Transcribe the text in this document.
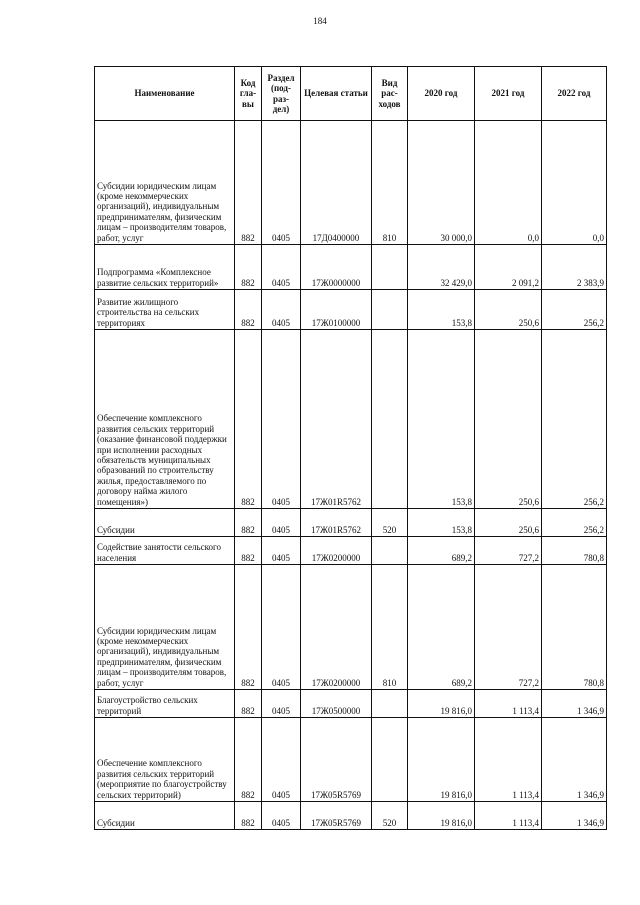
184
Наименование	Код гла- вы	Раздел (под- раз- дел)	Целевая статьи	Вид рас- ходов	2020 год	2021 год	2022 год
Субсидии юридическим лицам (кроме некоммерческих организаций), индивидуальным предпринимателям, физическим лицам – производителям товаров, работ, услуг	882	0405	17Д0400000	810	30 000,0	0,0	0,0
Подпрограмма «Комплексное развитие сельских территорий»	882	0405	17Ж0000000		32 429,0	2 091,2	2 383,9
Развитие жилищного строительства на сельских территориях	882	0405	17Ж0100000		153,8	250,6	256,2
Обеспечение комплексного развития сельских территорий (оказание финансовой поддержки при исполнении расходных обязательств муниципальных образований по строительству жилья, предоставляемого по договору найма жилого помещения»)	882	0405	17Ж01R5762		153,8	250,6	256,2
Субсидии	882	0405	17Ж01R5762	520	153,8	250,6	256,2
Содействие занятости сельского населения	882	0405	17Ж0200000		689,2	727,2	780,8
Субсидии юридическим лицам (кроме некоммерческих организаций), индивидуальным предпринимателям, физическим лицам – производителям товаров, работ, услуг	882	0405	17Ж0200000	810	689,2	727,2	780,8
Благоустройство сельских территорий	882	0405	17Ж0500000		19 816,0	1 113,4	1 346,9
Обеспечение комплексного развития сельских территорий (мероприятие по благоустройству сельских территорий)	882	0405	17Ж05R5769		19 816,0	1 113,4	1 346,9
Субсидии	882	0405	17Ж05R5769	520	19 816,0	1 113,4	1 346,9
